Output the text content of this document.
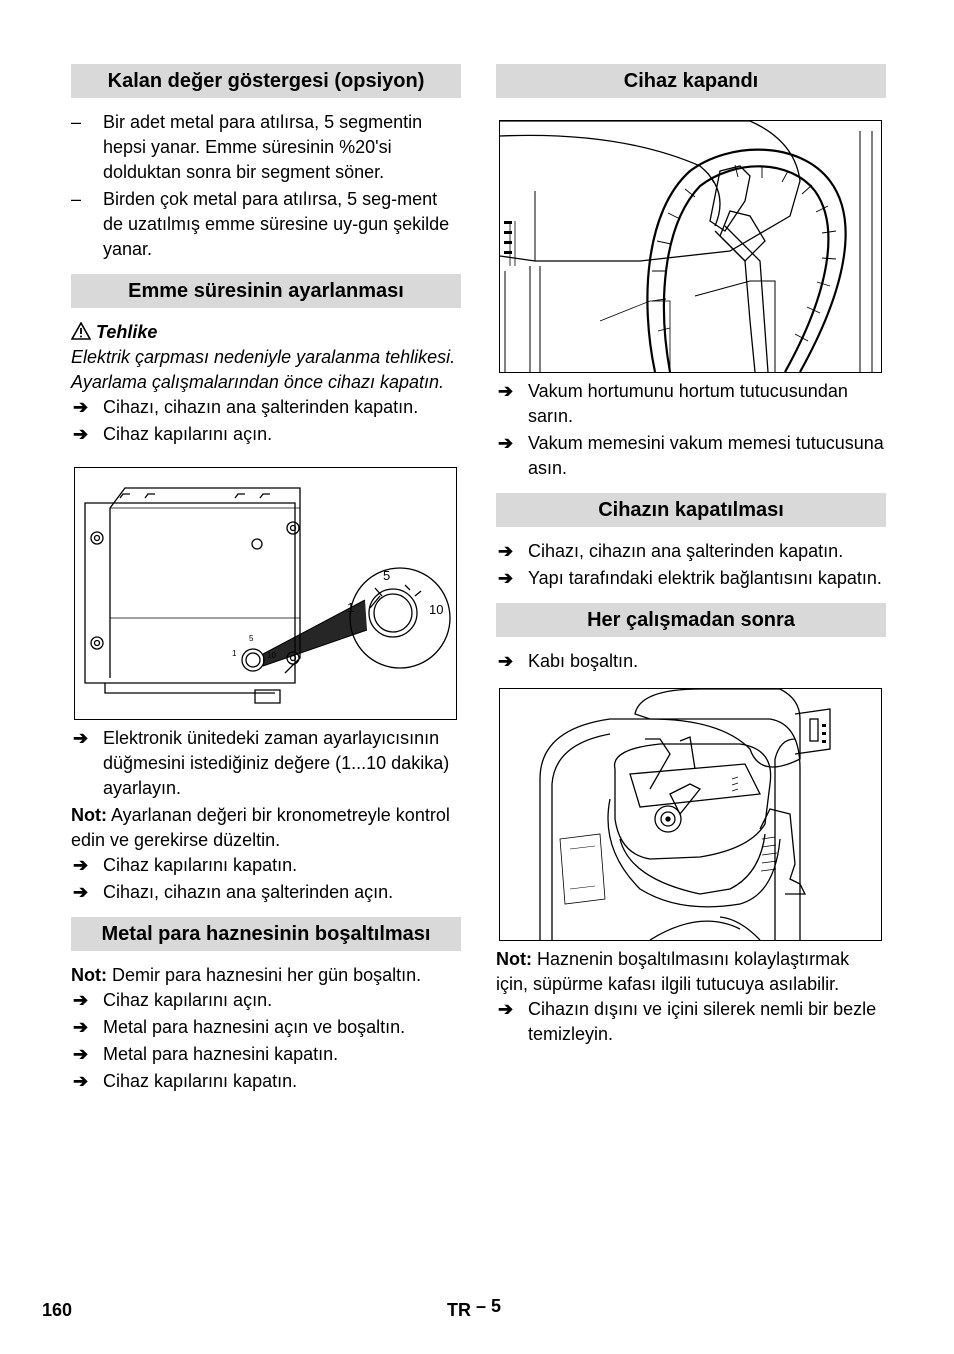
Kalan değer göstergesi (opsiyon)
–	Bir adet metal para atılırsa, 5 segmentin hepsi yanar. Emme süresinin %20'si dolduktan sonra bir segment söner.
–	Birden çok metal para atılırsa, 5 seg-ment de uzatılmış emme süresine uy-gun şekilde yanar.
Emme süresinin ayarlanması

Tehlike

Elektrik çarpması nedeniyle yaralanma tehlikesi. Ayarlama çalışmalarından önce cihazı kapatın.

➔ Cihazı, cihazın ana şalterinden kapatın.
➔ Cihaz kapılarını açın.
1
5
10
1
5
10
➔ Elektronik ünitedeki zaman ayarlayıcısının düğmesini istediğiniz değere (1...10 dakika) ayarlayın.

Not: Ayarlanan değeri bir kronometreyle kontrol edin ve gerekirse düzeltin.

➔ Cihaz kapılarını kapatın.
➔ Cihazı, cihazın ana şalterinden açın.
Metal para haznesinin boşaltılması

Not: Demir para haznesini her gün boşaltın.

➔ Cihaz kapılarını açın.
➔ Metal para haznesini açın ve boşaltın.
➔ Metal para haznesini kapatın.
➔ Cihaz kapılarını kapatın.
Cihaz kapandı
➔ Vakum hortumunu hortum tutucusundan sarın.
➔ Vakum memesini vakum memesi tutucusuna asın.
Cihazın kapatılması
➔ Cihazı, cihazın ana şalterinden kapatın.
➔ Yapı tarafındaki elektrik bağlantısını kapatın.
Her çalışmadan sonra
➔ Kabı boşaltın.

Not: Haznenin boşaltılmasını kolaylaştırmak için, süpürme kafası ilgili tutucuya asılabilir.

➔ Cihazın dışını ve içini silerek nemli bir bezle temizleyin.
160	TR – 5
